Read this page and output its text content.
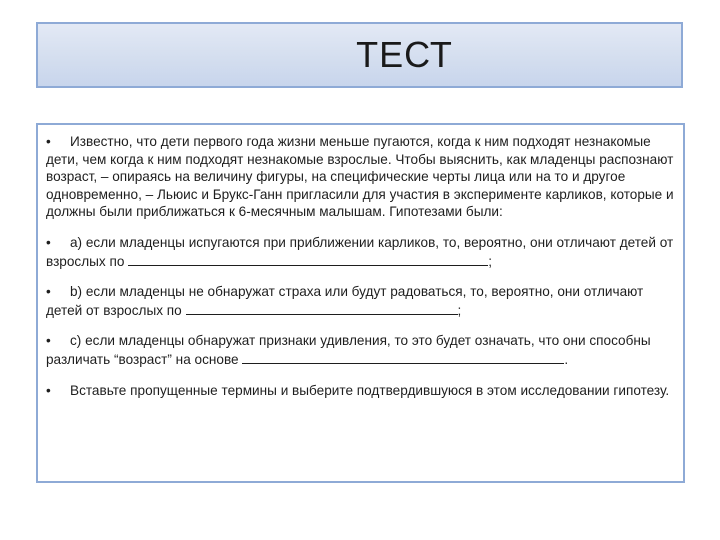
ТЕСТ

• Известно, что дети первого года жизни меньше пугаются, когда к ним подходят незнакомые дети, чем когда к ним подходят незнакомые взрослые. Чтобы выяснить, как младенцы распознают возраст, – опираясь на величину фигуры, на специфические черты лица или на то и другое одновременно, – Льюис и Брукс-Ганн пригласили для участия в эксперименте карликов, которые и должны были приближаться к 6-месячным малышам. Гипотезами были:

• a) если младенцы испугаются при приближении карликов, то, вероятно, они отличают детей от взрослых по	;

• b) если младенцы не обнаружат страха или будут радоваться, то, вероятно, они отличают детей от взрослых по	;

• c) если младенцы обнаружат признаки удивления, то это будет означать, что они способны различать “возраст” на основе	.

•	Вставьте пропущенные термины и выберите подтвердившуюся в этом исследовании гипотезу.
